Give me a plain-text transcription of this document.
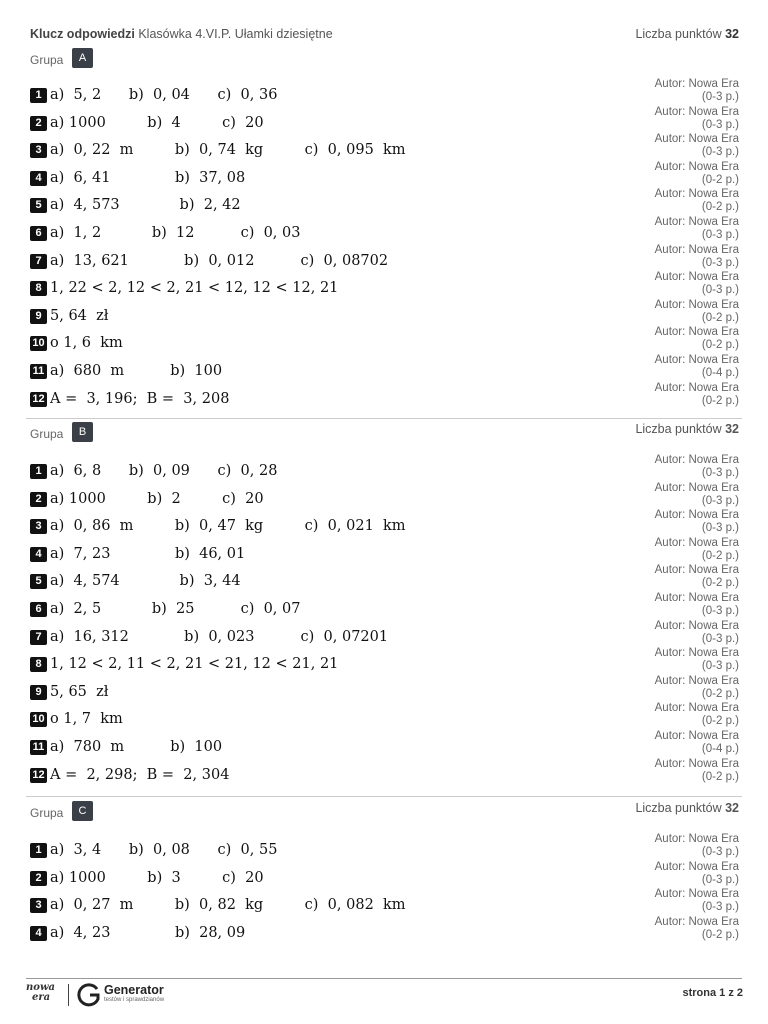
Klucz odpowiedzi Klasówka 4.VI.P. Ułamki dziesiętne	Liczba punktów 32
Grupa	A
1 a)  5, 2      b)  0, 04      c)  0, 36
Autor: Nowa Era
(0-3 p.)
2 a) 1000         b)  4         c)  20
Autor: Nowa Era
(0-3 p.)
3 a)  0, 22  m         b)  0, 74  kg         c)  0, 095  km
Autor: Nowa Era
(0-3 p.)
4 a)  6, 41              b)  37, 08
Autor: Nowa Era
(0-2 p.)
5 a)  4, 573             b)  2, 42
Autor: Nowa Era
(0-2 p.)
6 a)  1, 2           b)  12          c)  0, 03
Autor: Nowa Era
(0-3 p.)
7 a)  13, 621            b)  0, 012          c)  0, 08702
Autor: Nowa Era
(0-3 p.)
8 1, 22 < 2, 12 < 2, 21 < 12, 12 < 12, 21
Autor: Nowa Era
(0-3 p.)
9 5, 64  zł
Autor: Nowa Era
(0-2 p.)
10 o 1, 6  km
Autor: Nowa Era
(0-2 p.)
11 a)  680  m          b)  100
Autor: Nowa Era
(0-4 p.)
12 A =  3, 196;  B =  3, 208
Autor: Nowa Era
(0-2 p.)
Grupa	B	Liczba punktów 32
1 a)  6, 8      b)  0, 09      c)  0, 28
Autor: Nowa Era
(0-3 p.)
2 a) 1000         b)  2         c)  20
Autor: Nowa Era
(0-3 p.)
3 a)  0, 86  m         b)  0, 47  kg         c)  0, 021  km
Autor: Nowa Era
(0-3 p.)
4 a)  7, 23              b)  46, 01
Autor: Nowa Era
(0-2 p.)
5 a)  4, 574             b)  3, 44
Autor: Nowa Era
(0-2 p.)
6 a)  2, 5           b)  25          c)  0, 07
Autor: Nowa Era
(0-3 p.)
7 a)  16, 312            b)  0, 023          c)  0, 07201
Autor: Nowa Era
(0-3 p.)
8 1, 12 < 2, 11 < 2, 21 < 21, 12 < 21, 21
Autor: Nowa Era
(0-3 p.)
9 5, 65  zł
Autor: Nowa Era
(0-2 p.)
10 o 1, 7  km
Autor: Nowa Era
(0-2 p.)
11 a)  780  m          b)  100
Autor: Nowa Era
(0-4 p.)
12 A =  2, 298;  B =  2, 304
Autor: Nowa Era
(0-2 p.)
Grupa	C	Liczba punktów 32
1 a)  3, 4      b)  0, 08      c)  0, 55
Autor: Nowa Era
(0-3 p.)
2 a) 1000         b)  3         c)  20
Autor: Nowa Era
(0-3 p.)
3 a)  0, 27  m         b)  0, 82  kg         c)  0, 082  km
Autor: Nowa Era
(0-3 p.)
4 a)  4, 23              b)  28, 09
Autor: Nowa Era
(0-2 p.)
nowa
era
Generator
testów i sprawdzianów
strona 1 z 2
